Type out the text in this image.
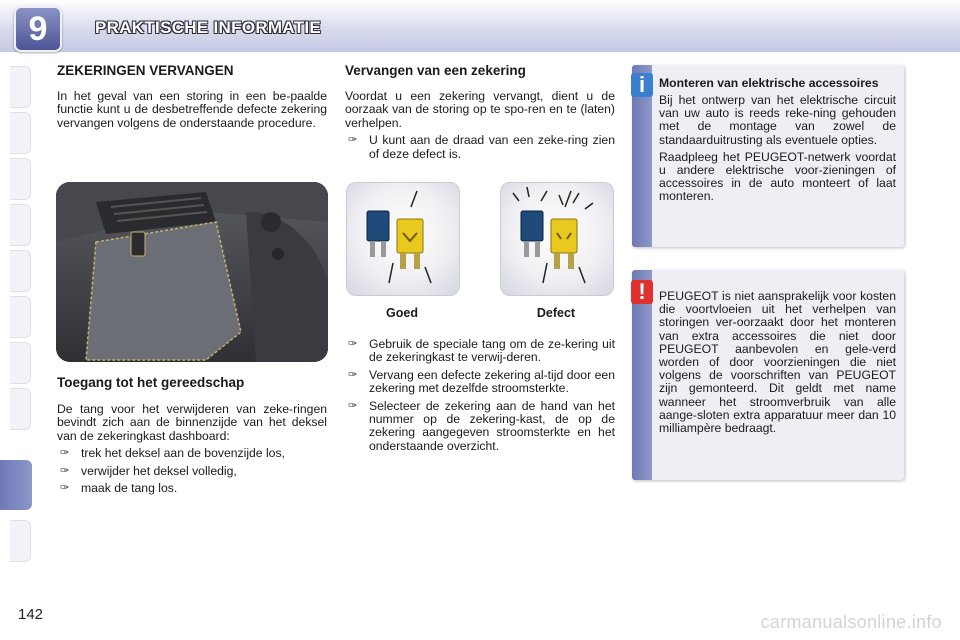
9	PRAKTISCHE INFORMATIE
ZEKERINGEN VERVANGEN

In het geval van een storing in een be-paalde functie kunt u de desbetreffende defecte zekering vervangen volgens de onderstaande procedure.

Toegang tot het gereedschap

De tang voor het verwijderen van zeke-ringen bevindt zich aan de binnenzijde van het deksel van de zekeringkast dashboard:

✑ trek het deksel aan de bovenzijde los,
✑ verwijder het deksel volledig,
✑ maak de tang los.
Vervangen van een zekering

Voordat u een zekering vervangt, dient u de oorzaak van de storing op te spo-ren en te (laten) verhelpen.

✑ U kunt aan de draad van een zeke-ring zien of deze defect is.
Goed	Defect
✑ Gebruik de speciale tang om de ze-kering uit de zekeringkast te verwij-deren.
✑ Vervang een defecte zekering al-tijd door een zekering met dezelfde stroomsterkte.
✑ Selecteer de zekering aan de hand van het nummer op de zekering-kast, de op de zekering aangegeven stroomsterkte en het onderstaande overzicht.
i	Monteren van elektrische accessoires

Bij het ontwerp van het elektrische circuit van uw auto is reeds reke-ning gehouden met de montage van zowel de standaarduitrusting als eventuele opties.

Raadpleeg het PEUGEOT-netwerk voordat u andere elektrische voor-zieningen of accessoires in de auto monteert of laat monteren.

!	PEUGEOT is niet aansprakelijk voor kosten die voortvloeien uit het verhelpen van storingen ver-oorzaakt door het monteren van extra accessoires die niet door PEUGEOT aanbevolen en gele-verd worden of door voorzieningen die niet volgens de voorschriften van PEUGEOT zijn gemonteerd. Dit geldt met name wanneer het stroomverbruik van alle aange-sloten extra apparatuur meer dan 10 milliampère bedraagt.

142	carmanualsonline.info
